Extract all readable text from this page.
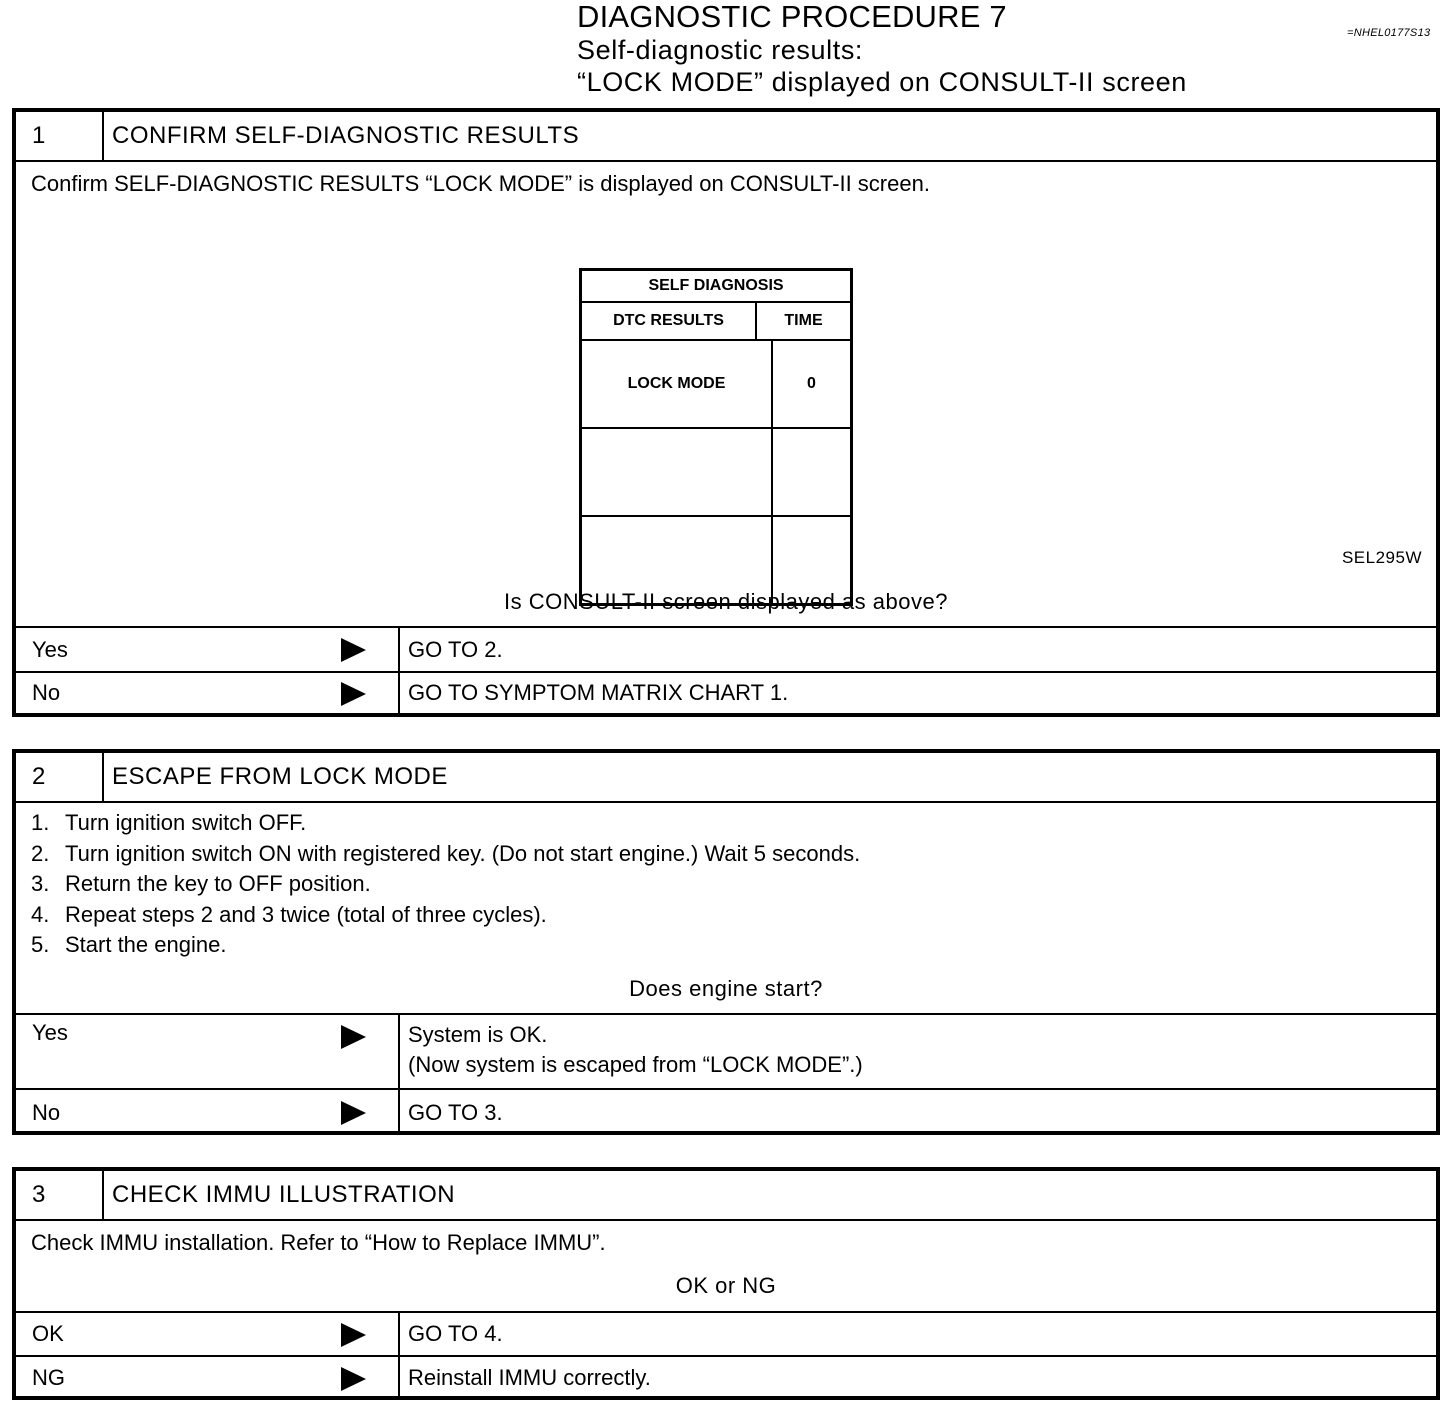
DIAGNOSTIC PROCEDURE 7
Self-diagnostic results:
“LOCK MODE” displayed on CONSULT-II screen
=NHEL0177S13
1	CONFIRM SELF-DIAGNOSTIC RESULTS
Confirm SELF-DIAGNOSTIC RESULTS “LOCK MODE” is displayed on CONSULT-II screen.
SELF DIAGNOSIS
DTC RESULTS	TIME
LOCK MODE	0
SEL295W
Is CONSULT-II screen displayed as above?
Yes	GO TO 2.
No	GO TO SYMPTOM MATRIX CHART 1.
2	ESCAPE FROM LOCK MODE
1. Turn ignition switch OFF.
2. Turn ignition switch ON with registered key. (Do not start engine.) Wait 5 seconds.
3. Return the key to OFF position.
4. Repeat steps 2 and 3 twice (total of three cycles).
5. Start the engine.
Does engine start?
Yes	System is OK.
(Now system is escaped from “LOCK MODE”.)
No	GO TO 3.
3	CHECK IMMU ILLUSTRATION
Check IMMU installation. Refer to “How to Replace IMMU”.
OK or NG
OK	GO TO 4.
NG	Reinstall IMMU correctly.
